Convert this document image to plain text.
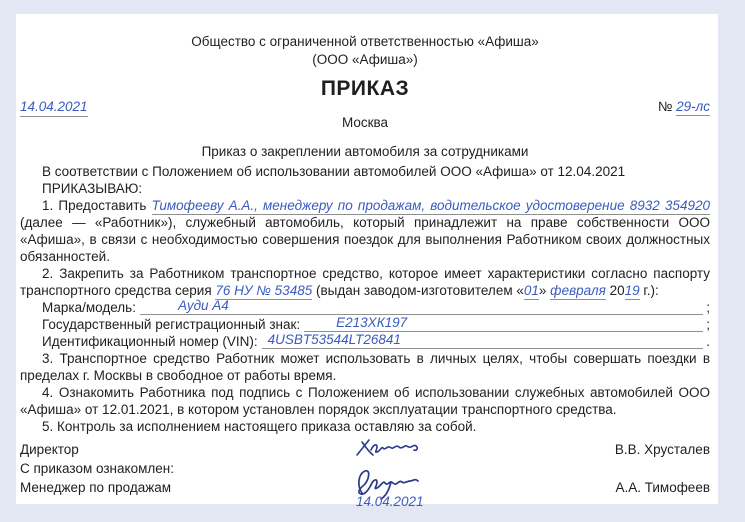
Общество с ограниченной ответственностью «Афиша»
(ООО «Афиша»)
ПРИКАЗ
14.04.2021	№ 29-лс
Москва
Приказ о закреплении автомобиля за сотрудниками

В соответствии с Положением об использовании автомобилей ООО «Афиша» от 12.04.2021

ПРИКАЗЫВАЮ:

1. Предоставить Тимофееву А.А., менеджеру по продажам, водительское удостоверение 8932 354920 (далее — «Работник»), служебный автомобиль, который принадлежит на праве собственности ООО «Афиша», в связи с необходимостью совершения поездок для выполнения Работником своих должностных обязанностей.

2. Закрепить за Работником транспортное средство, которое имеет характеристики согласно паспорту транспортного средства серия 76 НУ № 53485 (выдан заводом-изготовителем «01» февраля 2019 г.):

Марка/модель:	Ауди А4	;
Государственный регистрационный знак:	Е213ХК197	;
Идентификационный номер (VIN): 4USBT53544LT26841	.

3. Транспортное средство Работник может использовать в личных целях, чтобы совершать поездки в пределах г. Москвы в свободное от работы время.

4. Ознакомить Работника под подпись с Положением об использовании служебных автомобилей ООО «Афиша» от 12.01.2021, в котором установлен порядок эксплуатации транспортного средства.

5. Контроль за исполнением настоящего приказа оставляю за собой.

Директор	В.В. Хрусталев
С приказом ознакомлен:
Менеджер по продажам	А.А. Тимофеев
14.04.2021
